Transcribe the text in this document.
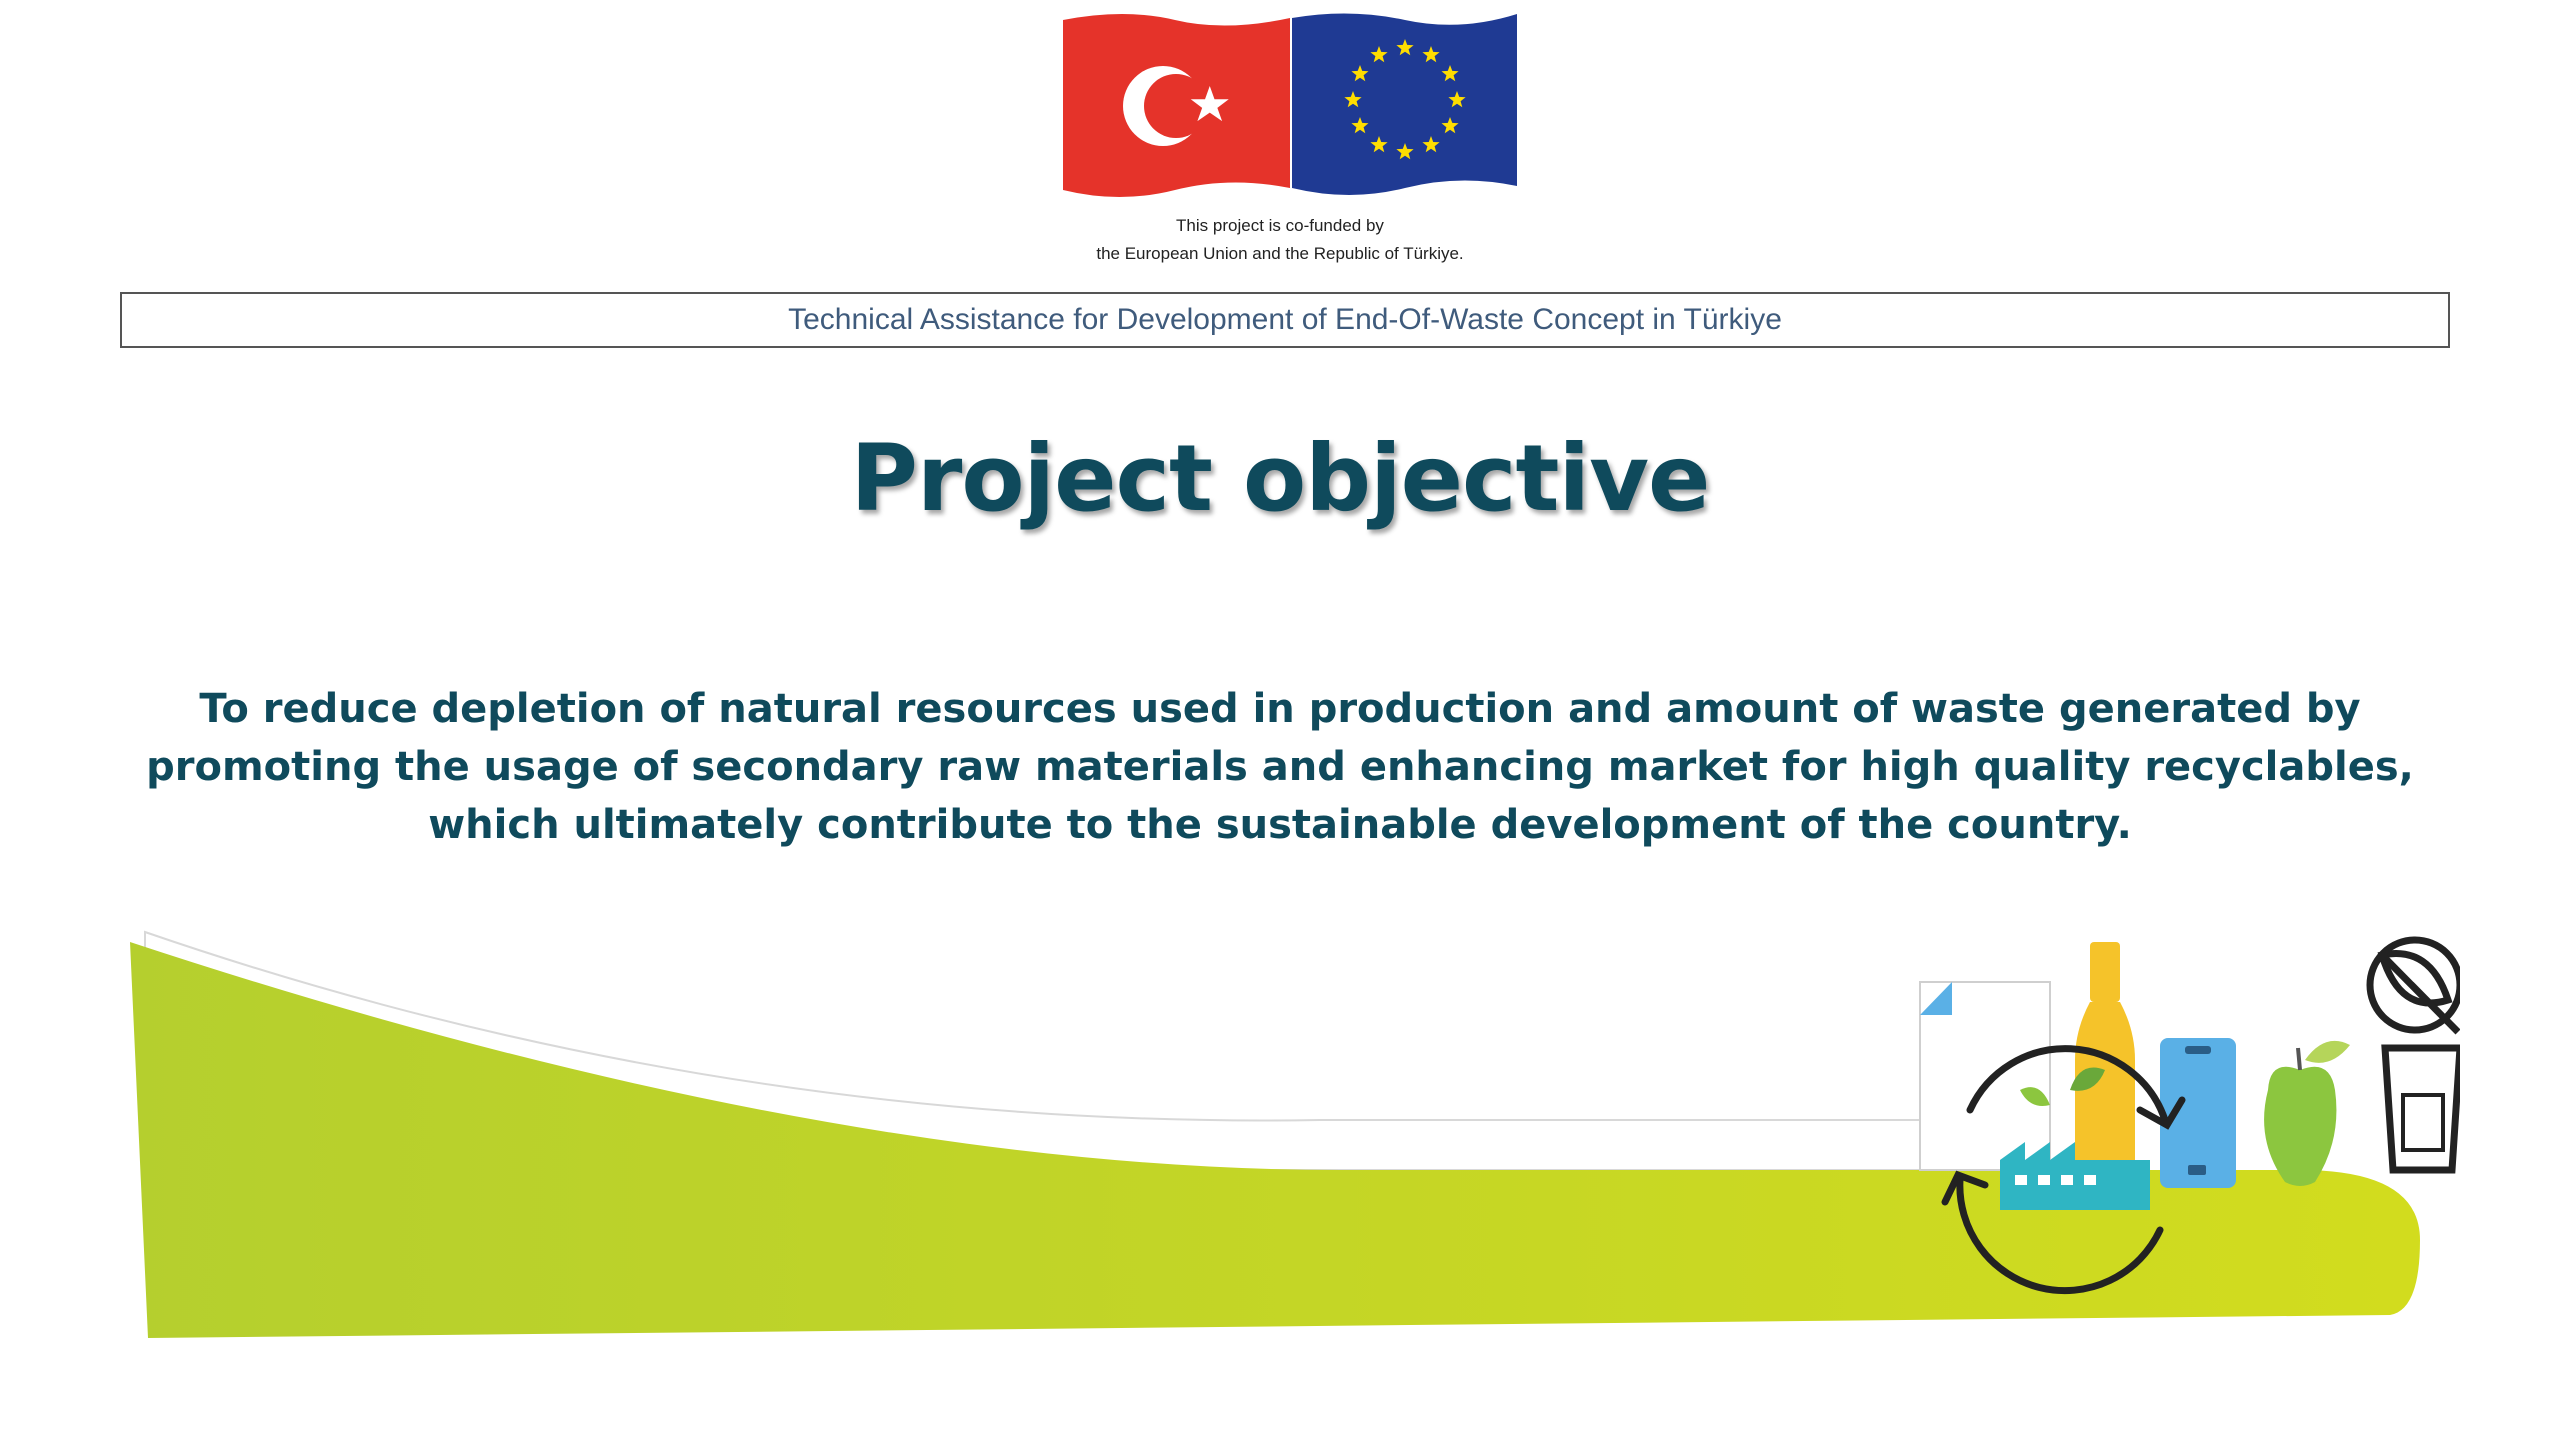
This project is co-funded by
the European Union and the Republic of Türkiye.
Technical Assistance for Development of End-Of-Waste Concept in Türkiye
Project objective
To reduce depletion of natural resources used in production and amount of waste generated by
promoting the usage of secondary raw materials and enhancing market for high quality recyclables,
which ultimately contribute to the sustainable development of the country.
